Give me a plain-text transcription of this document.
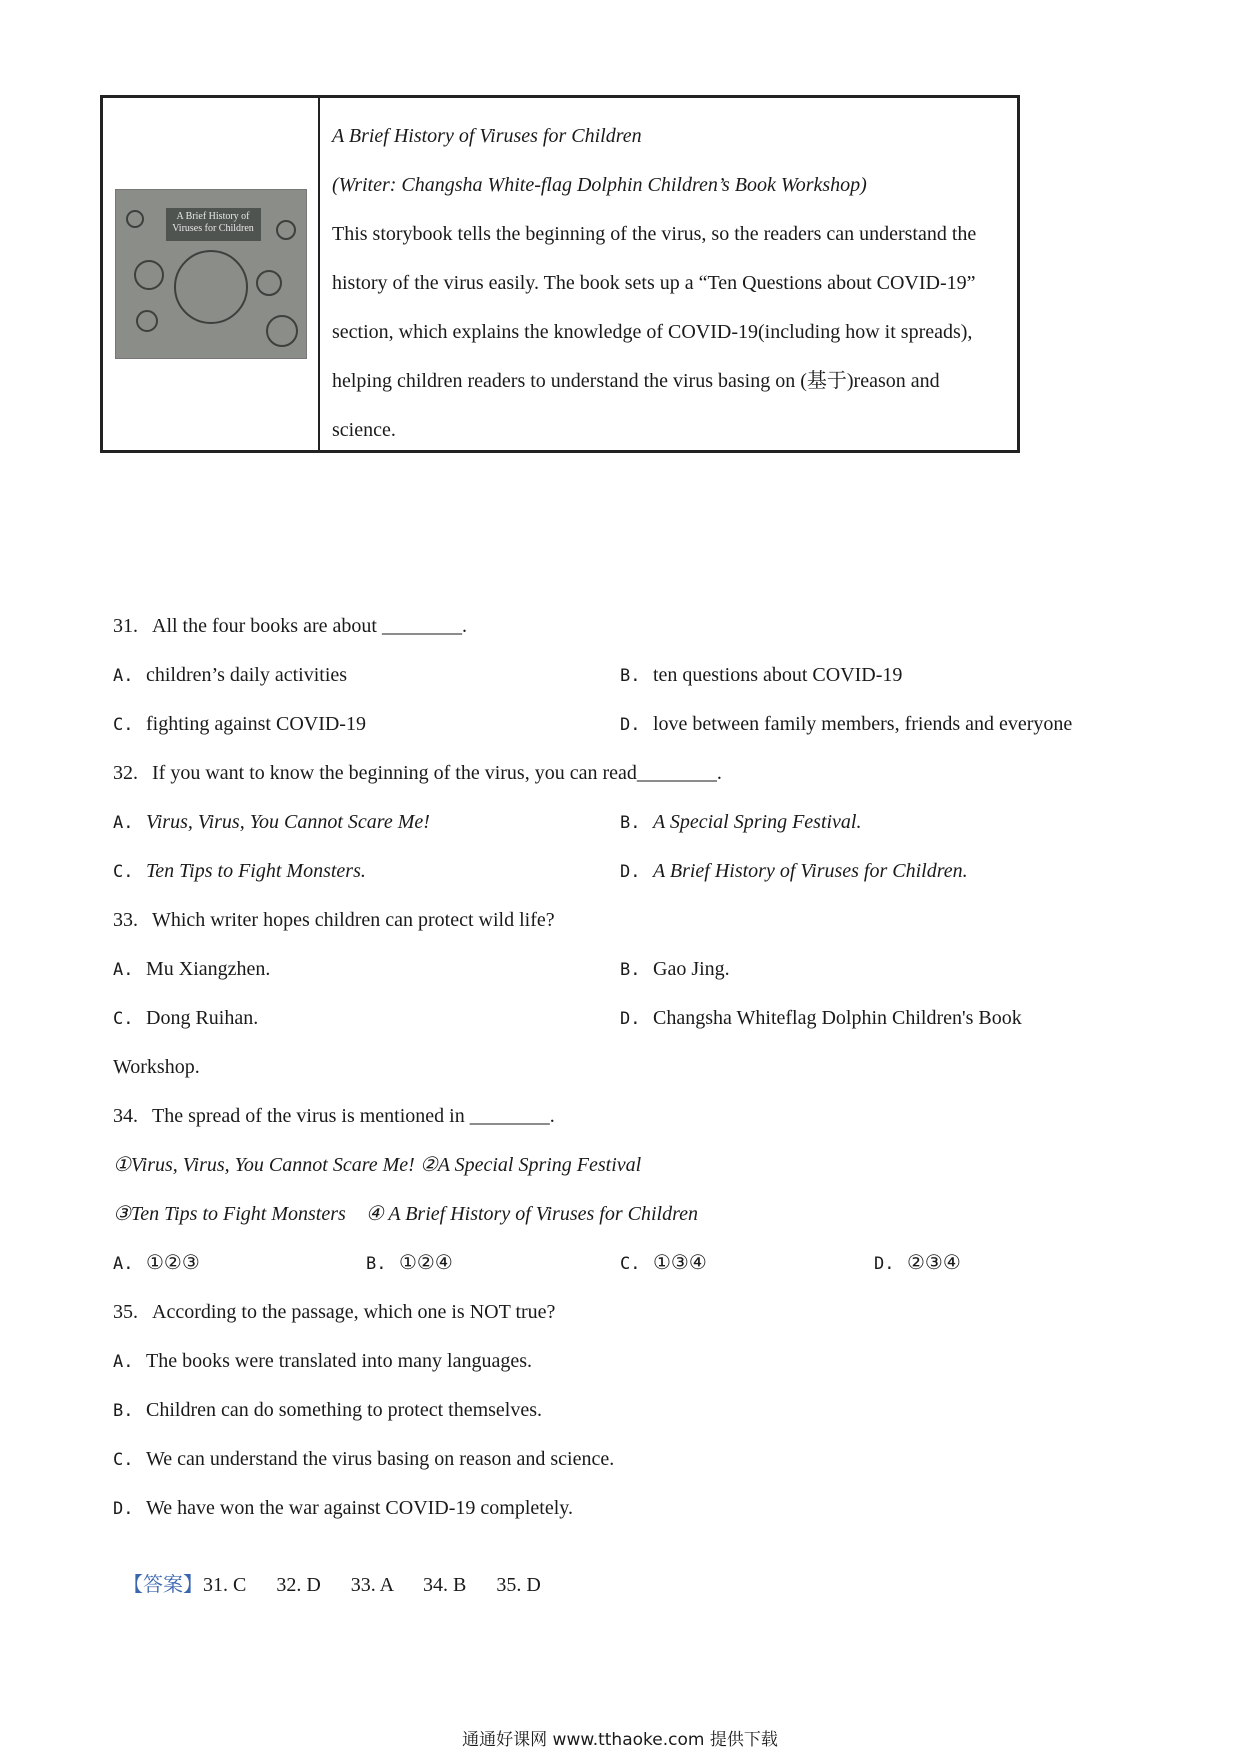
A Brief History of Viruses for Children
A Brief History of Viruses for Children
(Writer: Changsha White-flag Dolphin Children’s Book Workshop)
This storybook tells the beginning of the virus, so the readers can understand the history of the virus easily. The book sets up a “Ten Questions about COVID-19” section, which explains the knowledge of COVID-19(including how it spreads), helping children readers to understand the virus basing on (基于)reason and science.
31. All the four books are about ________.
A. children’s daily activities	B. ten questions about COVID-19
C. fighting against COVID-19	D. love between family members, friends and everyone
32. If you want to know the beginning of the virus, you can read________.
A. Virus, Virus, You Cannot Scare Me!	B. A Special Spring Festival.
C. Ten Tips to Fight Monsters.	D. A Brief History of Viruses for Children.
33. Which writer hopes children can protect wild life?
A. Mu Xiangzhen.	B. Gao Jing.
C. Dong Ruihan.	D. Changsha Whiteflag Dolphin Children's Book
Workshop.
34. The spread of the virus is mentioned in ________.
①Virus, Virus, You Cannot Scare Me! ②A Special Spring Festival
③Ten Tips to Fight Monsters    ④ A Brief History of Viruses for Children
A. ①②③	B. ①②④	C. ①③④	D. ②③④
35. According to the passage, which one is NOT true?
A. The books were translated into many languages.
B. Children can do something to protect themselves.
C. We can understand the virus basing on reason and science.
D. We have won the war against COVID-19 completely.

【答案】31. C      32. D      33. A      34. B      35. D

通通好课网 www.tthaoke.com 提供下载
